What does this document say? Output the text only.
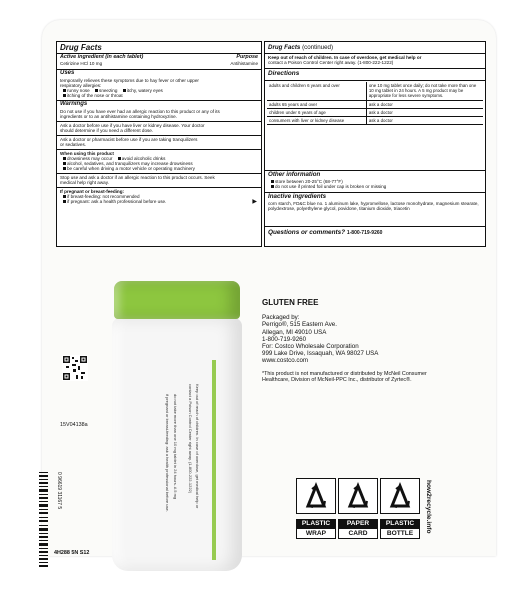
Drug Facts
Active ingredient (in each tablet)	Purpose
Cetirizine HCl 10 mg	Antihistamine
Uses
temporarily relieves these symptoms due to hay fever or other upper
respiratory allergies:
runny nose sneezing itchy, watery eyes
itching of the nose or throat
Warnings
Do not use if you have ever had an allergic reaction to this product or any of its
ingredients or to an antihistamine containing hydroxyzine.
Ask a doctor before use if you have liver or kidney disease. Your doctor
should determine if you need a different dose.
Ask a doctor or pharmacist before use if you are taking tranquilizers
or sedatives.
When using this product
drowsiness may occur avoid alcoholic drinks
alcohol, sedatives, and tranquilizers may increase drowsiness
be careful when driving a motor vehicle or operating machinery
Stop use and ask a doctor if an allergic reaction to this product occurs. Seek
medical help right away.
If pregnant or breast-feeding:
if breast-feeding: not recommended
if pregnant: ask a health professional before use.	▶
Drug Facts (continued)
Keep out of reach of children. In case of overdose, get medical help or
contact a Poison Control Center right away. (1-800-222-1222)
Directions
adults and children 6 years and over	one 10 mg tablet once daily; do not take more than one 10 mg tablet in 24 hours. A 5 mg product may be appropriate for less severe symptoms.
adults 65 years and over	ask a doctor
children under 6 years of age	ask a doctor
consumers with liver or kidney disease	ask a doctor
Other information
store between 20-25°C (68-77°F)
do not use if printed foil under cap is broken or missing
Inactive ingredients
corn starch, FD&C blue no. 1 aluminum lake, hypromellose, lactose monohydrate, magnesium stearate, polydextrose, polyethylene glycol, povidone, titanium dioxide, triacetin
Questions or comments? 1-800-719-9260
Keep out of reach of children. In case of overdose, get medical help or
contact a Poison Control Center right away. (1-800-222-1222)
do not take more than one 10 mg tablet in 24 hours. A 5 mg
if pregnant or breast-feeding: ask a health professional before use.
15V04138a
0 96619 31167 5
4H288 5N S12
GLUTEN FREE
Packaged by:
Perrigo®, 515 Eastern Ave.
Allegan, MI 49010 USA
1-800-719-9260
For: Costco Wholesale Corporation
999 Lake Drive, Issaquah, WA 98027 USA
www.costco.com
*This product is not manufactured or distributed by McNeil Consumer
Healthcare, Division of McNeil-PPC Inc., distributor of Zyrtec®.
PLASTIC
WRAP
PAPER
CARD
PLASTIC
BOTTLE	how2recycle.info
